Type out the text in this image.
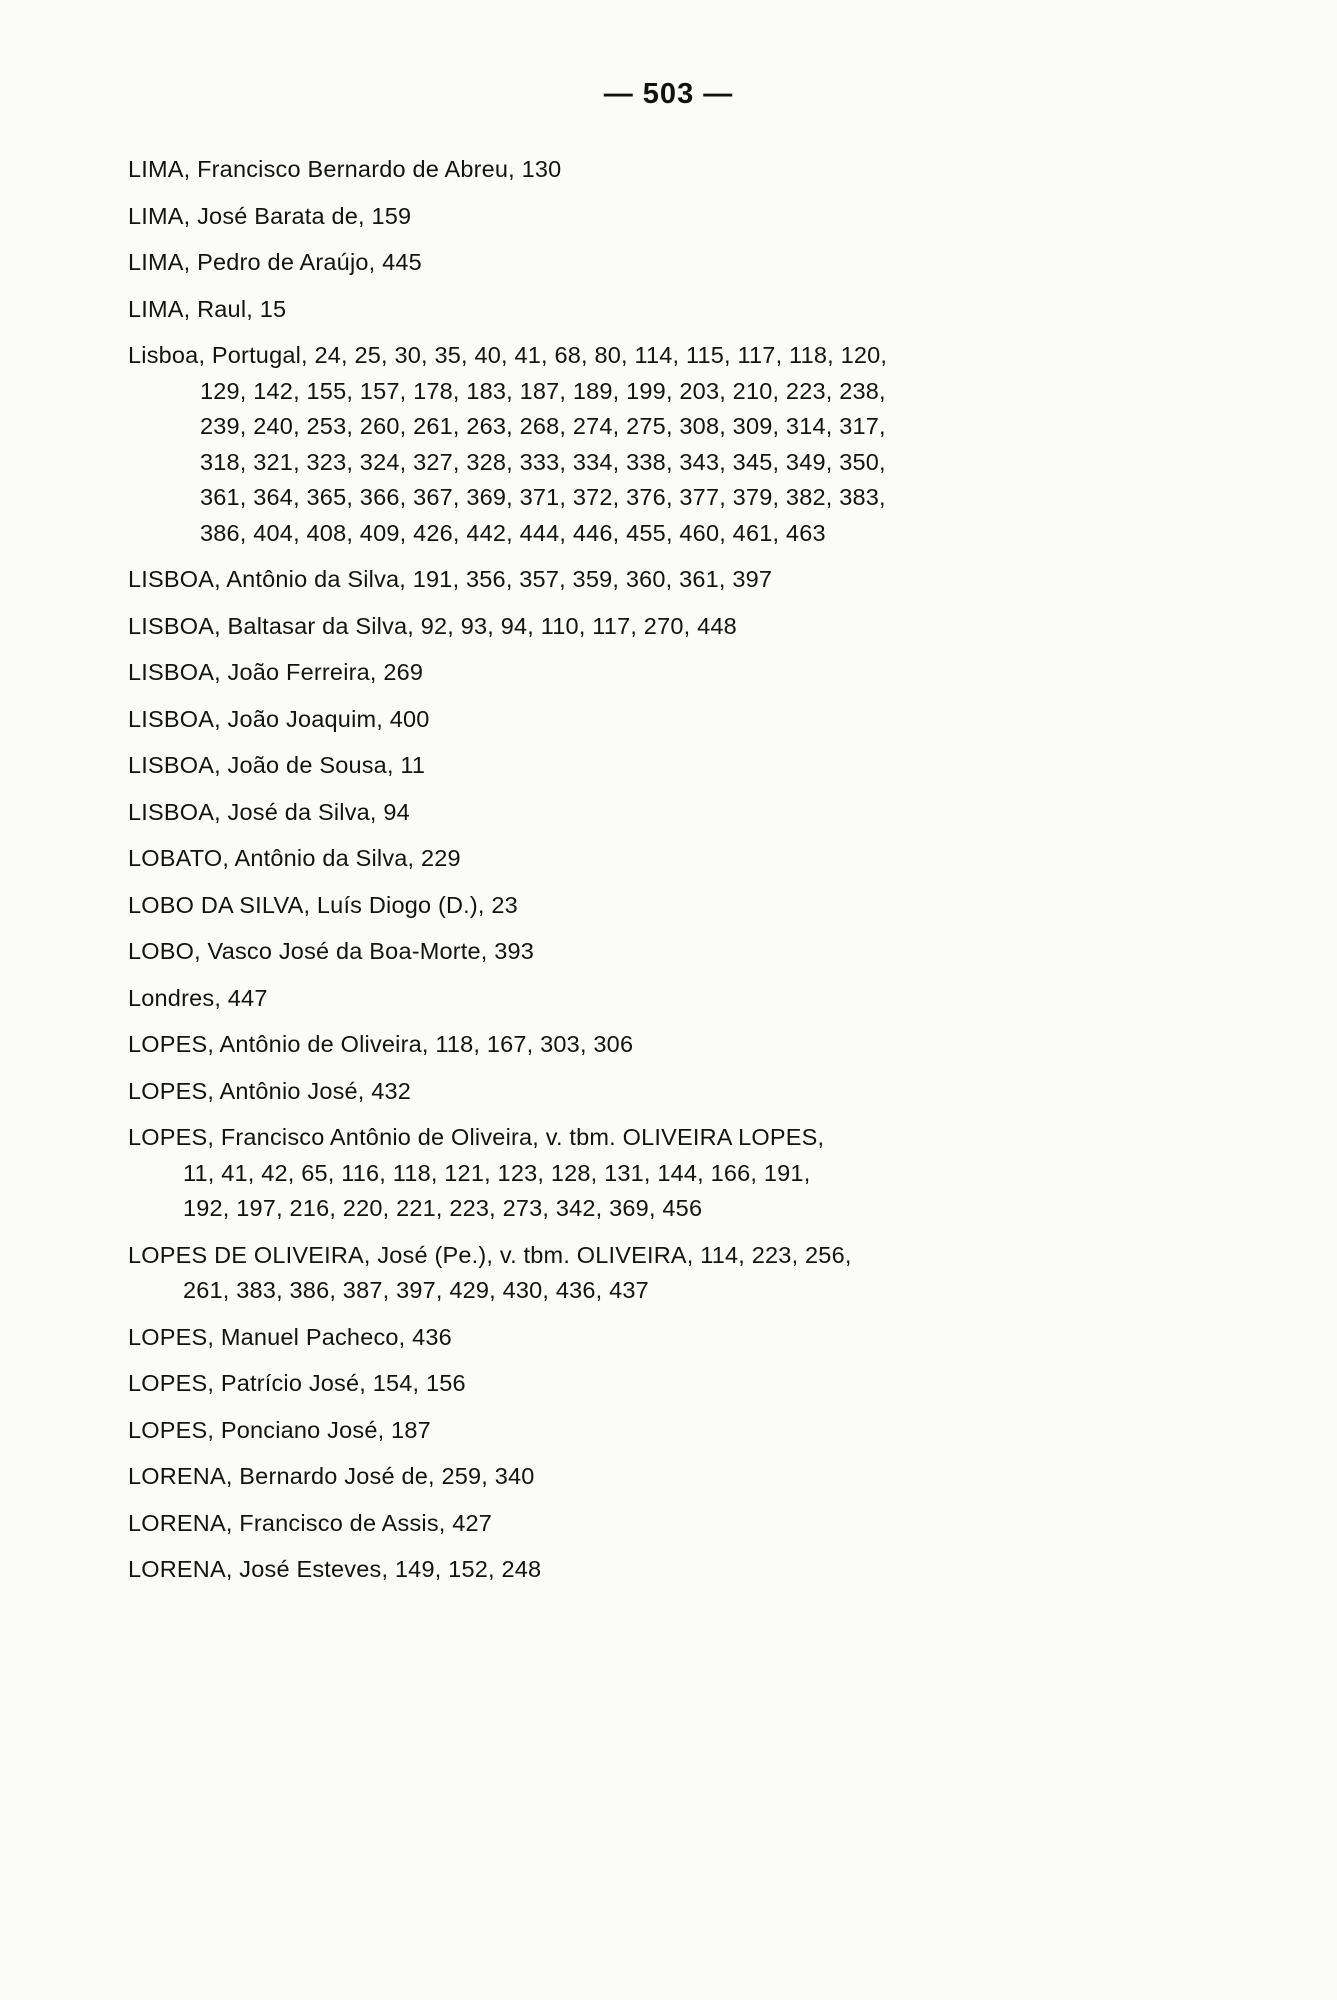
— 503 —
LIMA, Francisco Bernardo de Abreu, 130
LIMA, José Barata de, 159
LIMA, Pedro de Araújo, 445
LIMA, Raul, 15
Lisboa, Portugal, 24, 25, 30, 35, 40, 41, 68, 80, 114, 115, 117, 118, 120,
129, 142, 155, 157, 178, 183, 187, 189, 199, 203, 210, 223, 238,
239, 240, 253, 260, 261, 263, 268, 274, 275, 308, 309, 314, 317,
318, 321, 323, 324, 327, 328, 333, 334, 338, 343, 345, 349, 350,
361, 364, 365, 366, 367, 369, 371, 372, 376, 377, 379, 382, 383,
386, 404, 408, 409, 426, 442, 444, 446, 455, 460, 461, 463
LISBOA, Antônio da Silva, 191, 356, 357, 359, 360, 361, 397
LISBOA, Baltasar da Silva, 92, 93, 94, 110, 117, 270, 448
LISBOA, João Ferreira, 269
LISBOA, João Joaquim, 400
LISBOA, João de Sousa, 11
LISBOA, José da Silva, 94
LOBATO, Antônio da Silva, 229
LOBO DA SILVA, Luís Diogo (D.), 23
LOBO, Vasco José da Boa-Morte, 393
Londres, 447
LOPES, Antônio de Oliveira, 118, 167, 303, 306
LOPES, Antônio José, 432
LOPES, Francisco Antônio de Oliveira, v. tbm. OLIVEIRA LOPES,
11, 41, 42, 65, 116, 118, 121, 123, 128, 131, 144, 166, 191,
192, 197, 216, 220, 221, 223, 273, 342, 369, 456
LOPES DE OLIVEIRA, José (Pe.), v. tbm. OLIVEIRA, 114, 223, 256,
261, 383, 386, 387, 397, 429, 430, 436, 437
LOPES, Manuel Pacheco, 436
LOPES, Patrício José, 154, 156
LOPES, Ponciano José, 187
LORENA, Bernardo José de, 259, 340
LORENA, Francisco de Assis, 427
LORENA, José Esteves, 149, 152, 248
